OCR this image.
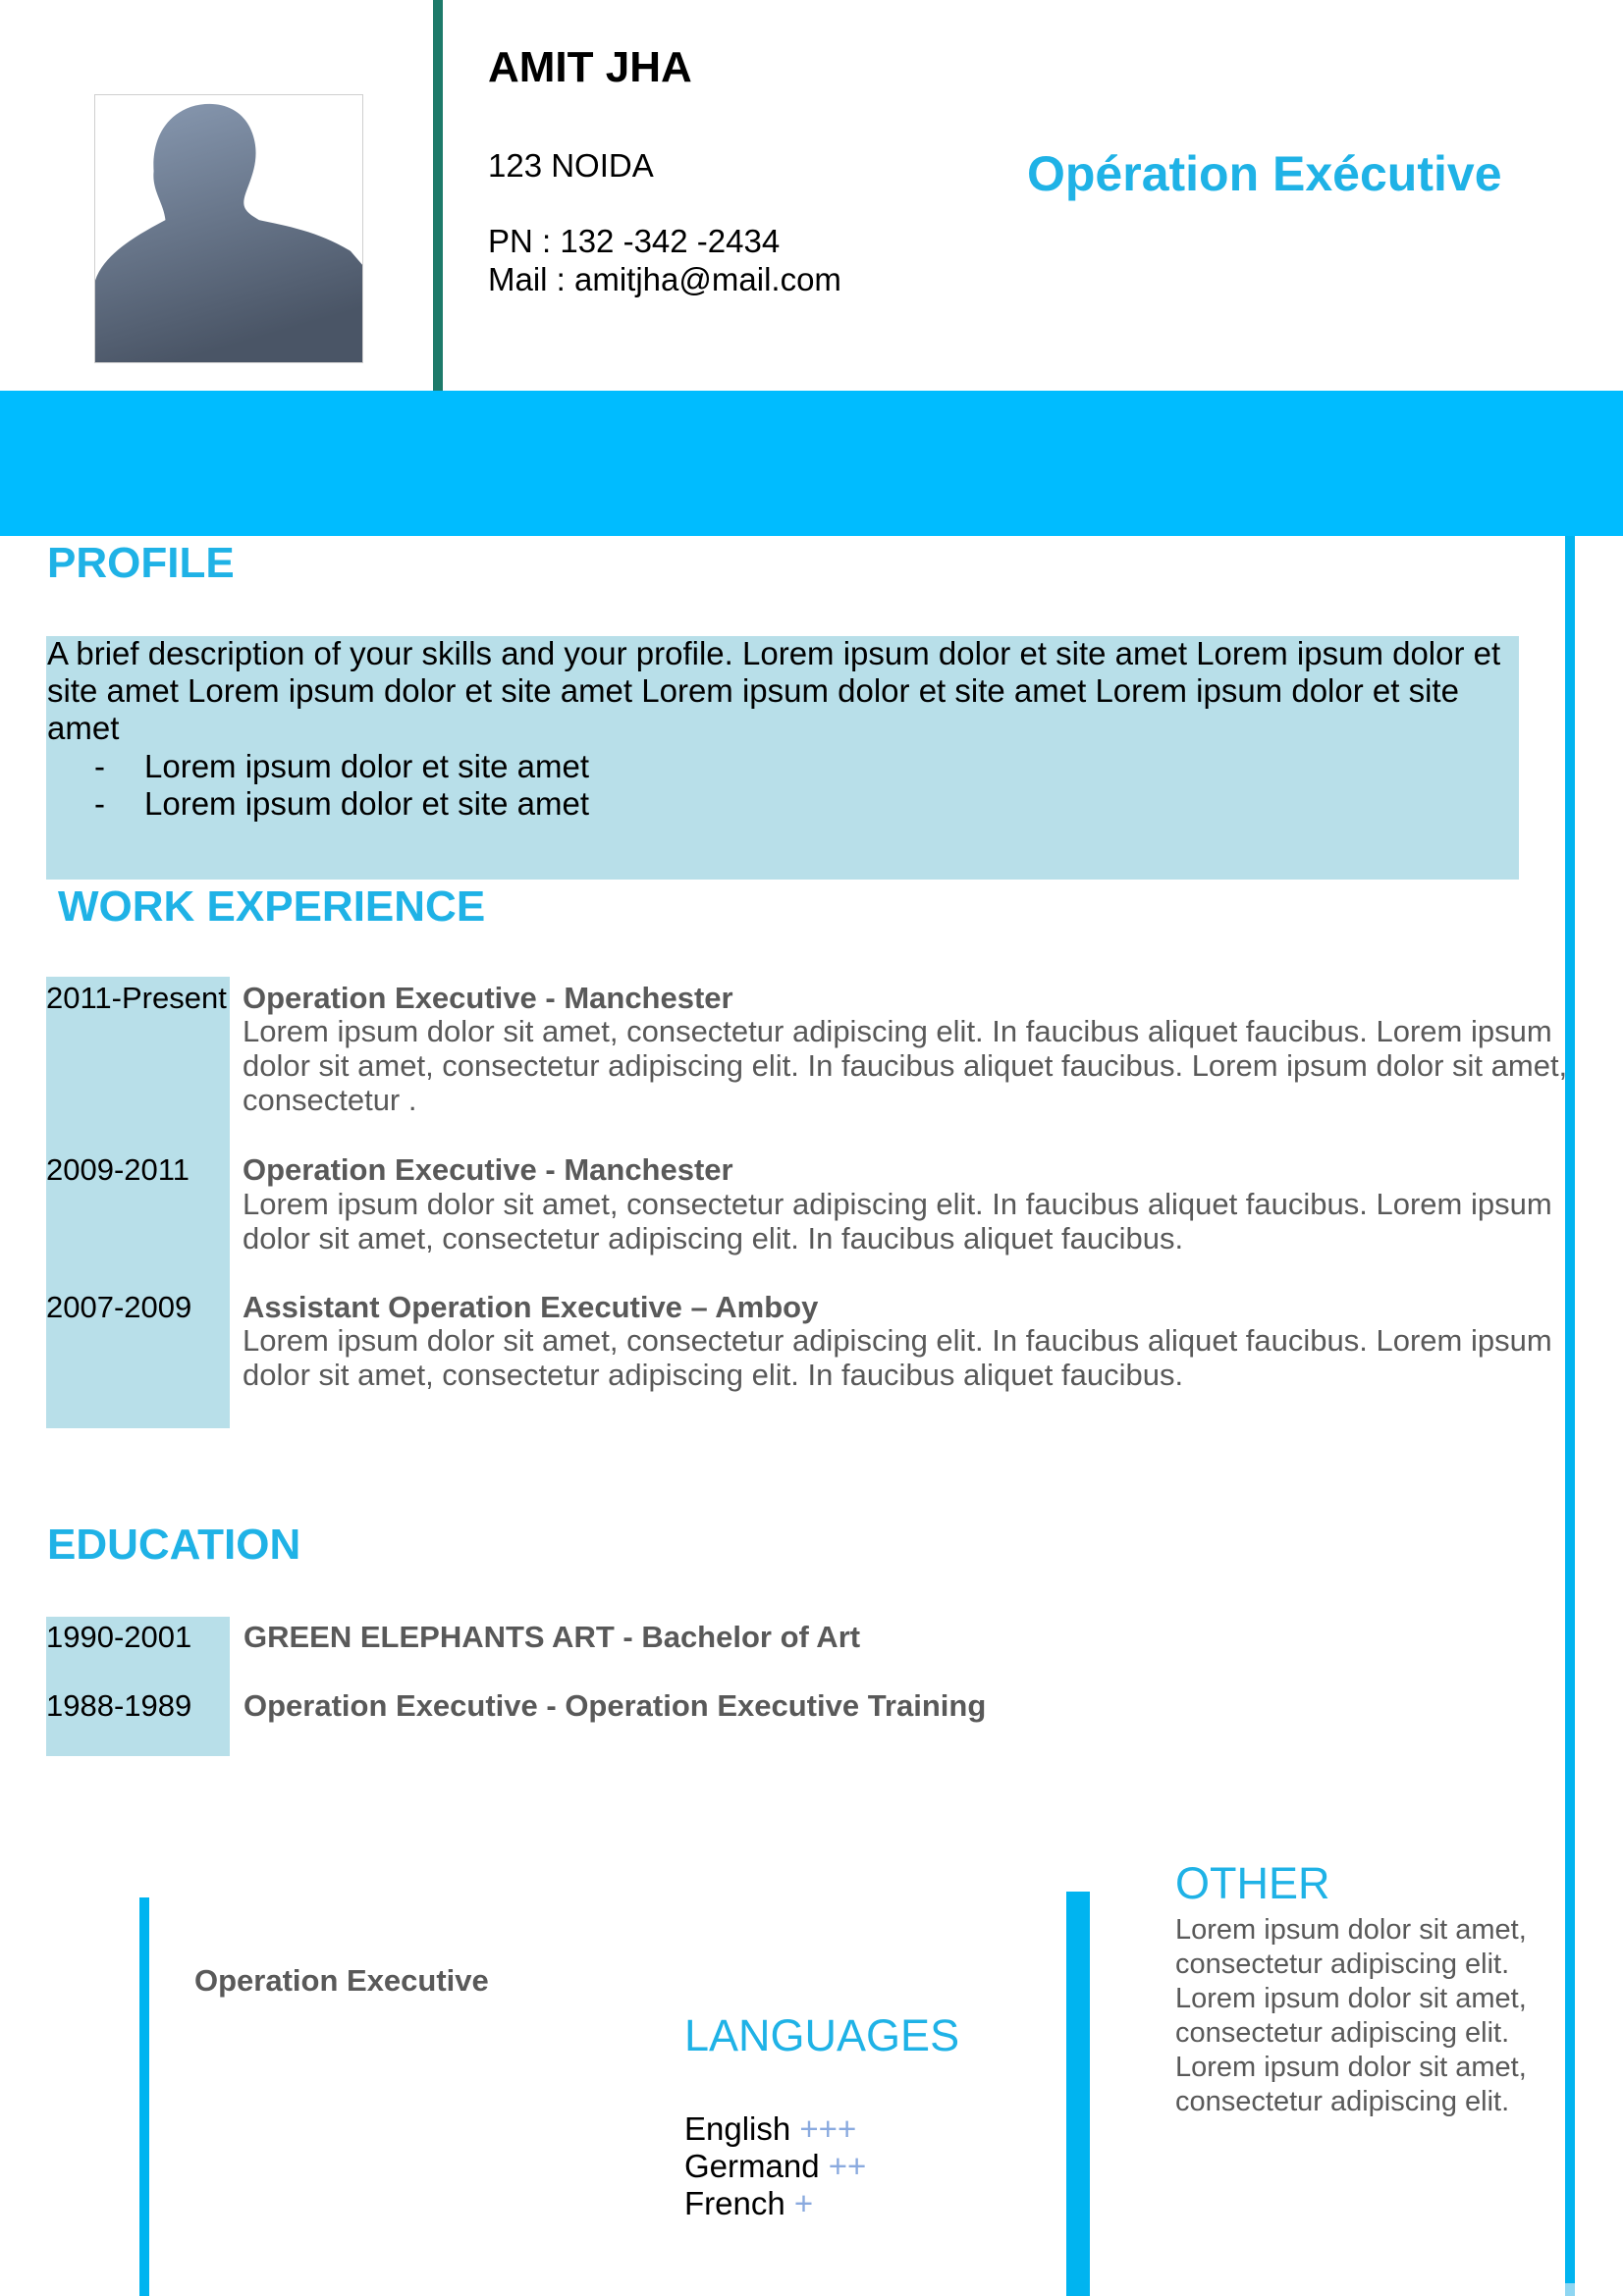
AMIT JHA
123 NOIDA
PN : 132 -342 -2434
Mail : amitjha@mail.com
Opération Exécutive
PROFILE
A brief description of your skills and your profile. Lorem ipsum dolor et site amet Lorem ipsum dolor et site amet Lorem ipsum dolor et site amet Lorem ipsum dolor et site amet Lorem ipsum dolor et site amet
- Lorem ipsum dolor et site amet
- Lorem ipsum dolor et site amet
WORK EXPERIENCE
2011-Present Operation Executive - Manchester
Lorem ipsum dolor sit amet, consectetur adipiscing elit. In faucibus aliquet faucibus. Lorem ipsum dolor sit amet, consectetur adipiscing elit. In faucibus aliquet faucibus. Lorem ipsum dolor sit amet, consectetur .
2009-2011 Operation Executive - Manchester
Lorem ipsum dolor sit amet, consectetur adipiscing elit. In faucibus aliquet faucibus. Lorem ipsum dolor sit amet, consectetur adipiscing elit. In faucibus aliquet faucibus.
2007-2009 Assistant Operation Executive – Amboy
Lorem ipsum dolor sit amet, consectetur adipiscing elit. In faucibus aliquet faucibus. Lorem ipsum dolor sit amet, consectetur adipiscing elit. In faucibus aliquet faucibus.
EDUCATION
1990-2001 GREEN ELEPHANTS ART - Bachelor of Art
1988-1989 Operation Executive - Operation Executive Training
Operation Executive
LANGUAGES
English +++
Germand ++
French +
OTHER
Lorem ipsum dolor sit amet, consectetur adipiscing elit. Lorem ipsum dolor sit amet, consectetur adipiscing elit. Lorem ipsum dolor sit amet, consectetur adipiscing elit.
